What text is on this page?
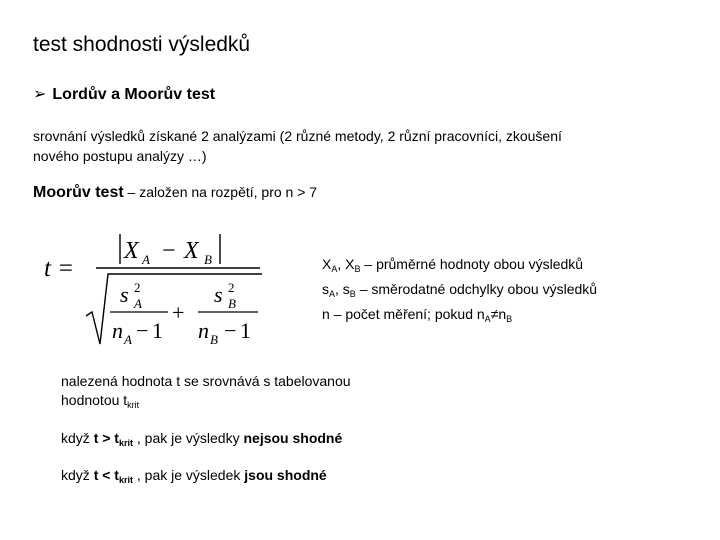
test shodnosti výsledků
➢ Lordův a Moorův test
srovnání výsledků získané 2 analýzami (2 různé metody, 2 různí pracovníci, zkoušení
nového postupu analýzy …)
Moorův test – založen na rozpětí, pro n > 7
t =
X A − X B
s 2
A
n A − 1
+
s 2
B
n B − 1
$X_A$, $X_B$ – průměrné hodnoty obou výsledků
$s_A$, $s_B$ – směrodatné odchylky obou výsledků
n – počet měření; pokud $n_A\ne n_B$
nalezená hodnota t se srovnává s tabelovanou
hodnotou $t_{krit}$
když $t > t_{krit}$ , pak je výsledky nejsou shodné
když $t < t_{krit}$ , pak je výsledek jsou shodné
